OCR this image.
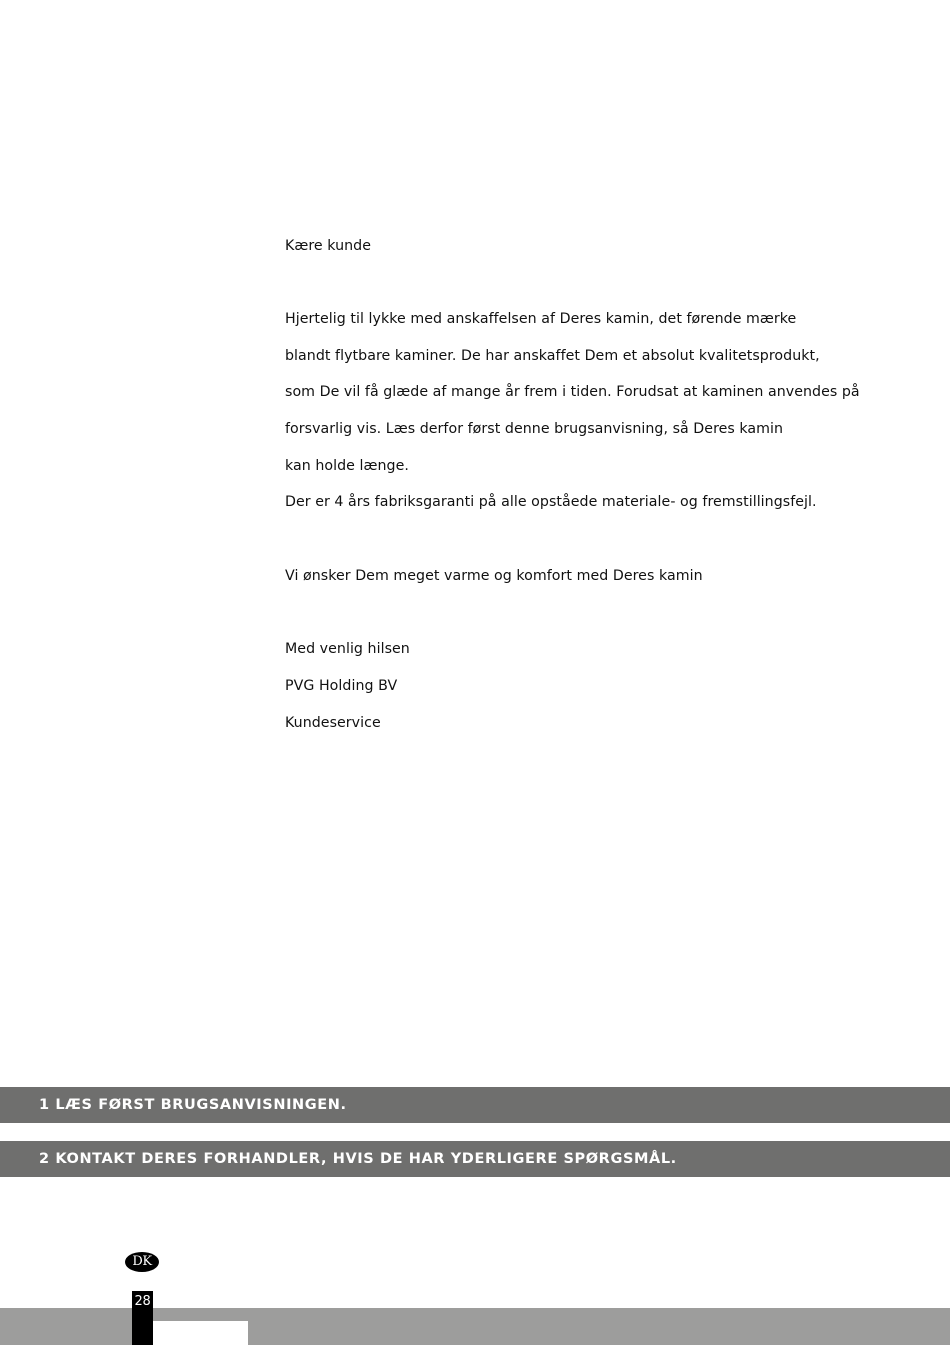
Kære kunde
Hjertelig til lykke med anskaffelsen af Deres kamin, det førende mærke
blandt flytbare kaminer. De har anskaffet Dem et absolut kvalitetsprodukt,
som De vil få glæde af mange år frem i tiden. Forudsat at kaminen anvendes på
forsvarlig vis. Læs derfor først denne brugsanvisning, så Deres kamin
kan holde længe.
Der er 4 års fabriksgaranti på alle opståede materiale- og fremstillingsfejl.
Vi ønsker Dem meget varme og komfort med Deres kamin
Med venlig hilsen
PVG Holding BV
Kundeservice
1 LÆS FØRST BRUGSANVISNINGEN.
2 KONTAKT DERES FORHANDLER, HVIS DE HAR YDERLIGERE SPØRGSMÅL.
DK
28
